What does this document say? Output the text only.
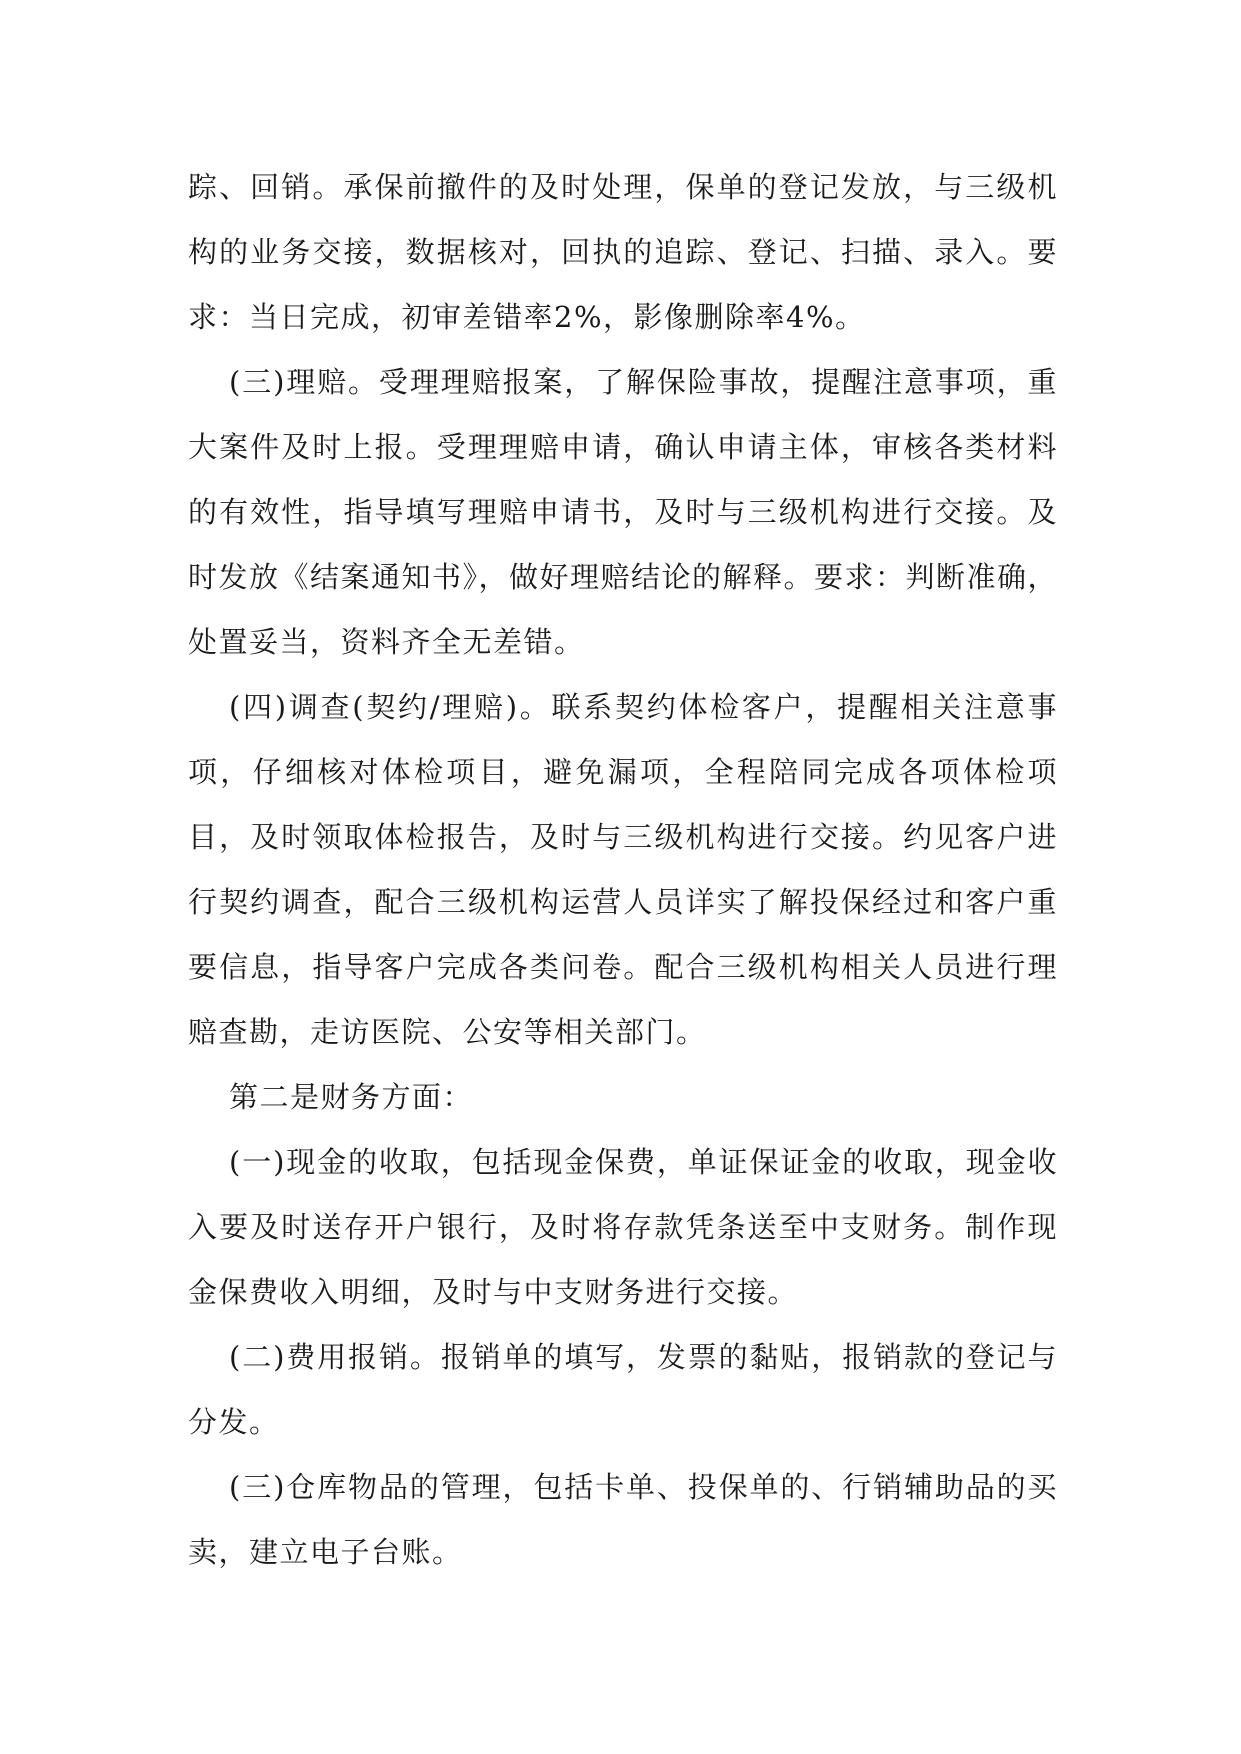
踪、回销。承保前撤件的及时处理，保单的登记发放，与三级机构的业务交接，数据核对，回执的追踪、登记、扫描、录入。要求：当日完成，初审差错率2%，影像删除率4%。

(三)理赔。受理理赔报案，了解保险事故，提醒注意事项，重大案件及时上报。受理理赔申请，确认申请主体，审核各类材料的有效性，指导填写理赔申请书，及时与三级机构进行交接。及时发放《结案通知书》，做好理赔结论的解释。要求：判断准确，处置妥当，资料齐全无差错。

(四)调查(契约/理赔)。联系契约体检客户，提醒相关注意事项，仔细核对体检项目，避免漏项，全程陪同完成各项体检项目，及时领取体检报告，及时与三级机构进行交接。约见客户进行契约调查，配合三级机构运营人员详实了解投保经过和客户重要信息，指导客户完成各类问卷。配合三级机构相关人员进行理赔查勘，走访医院、公安等相关部门。

第二是财务方面：

(一)现金的收取，包括现金保费，单证保证金的收取，现金收入要及时送存开户银行，及时将存款凭条送至中支财务。制作现金保费收入明细，及时与中支财务进行交接。

(二)费用报销。报销单的填写，发票的黏贴，报销款的登记与分发。

(三)仓库物品的管理，包括卡单、投保单的、行销辅助品的买卖，建立电子台账。
